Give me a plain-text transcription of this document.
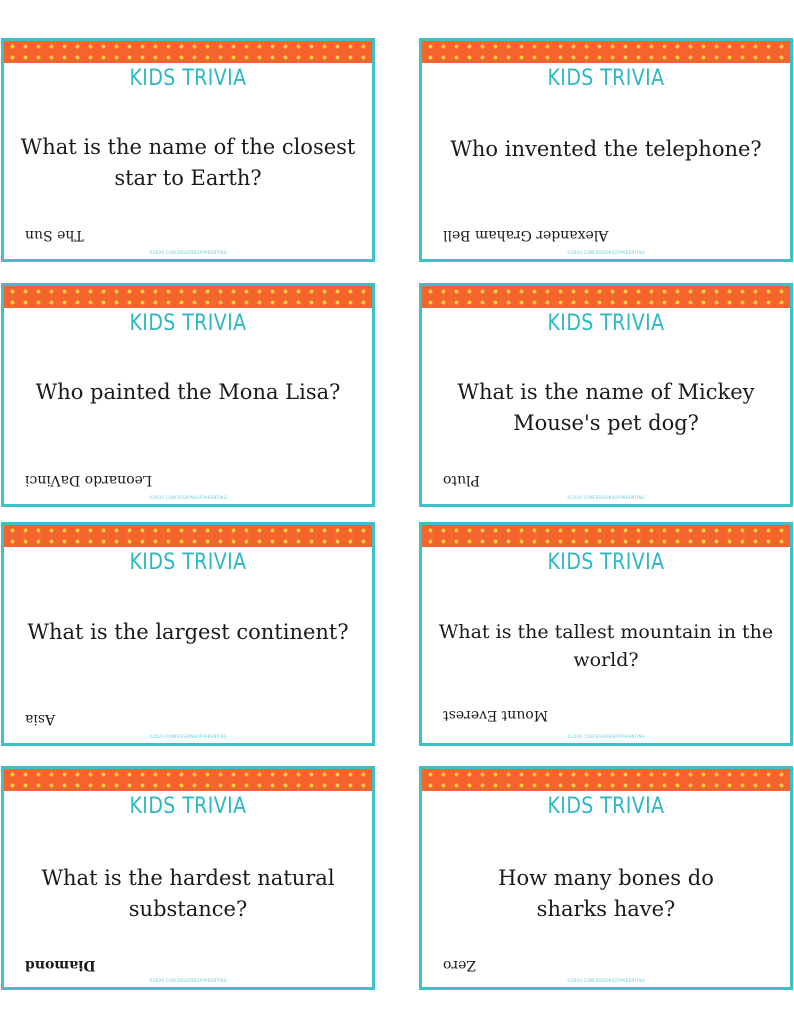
KIDS TRIVIA
What is the name of the closest star to Earth?
The Sun
©2020 CONFESSIONSOFPARENTING
KIDS TRIVIA
Who invented the telephone?
Alexander Graham Bell
©2020 CONFESSIONSOFPARENTING
KIDS TRIVIA
Who painted the Mona Lisa?
Leonardo DaVinci
©2020 CONFESSIONSOFPARENTING
KIDS TRIVIA
What is the name of Mickey Mouse's pet dog?
Pluto
©2020 CONFESSIONSOFPARENTING
KIDS TRIVIA
What is the largest continent?
Asia
©2020 CONFESSIONSOFPARENTING
KIDS TRIVIA
What is the tallest mountain in the world?
Mount Everest
©2020 CONFESSIONSOFPARENTING
KIDS TRIVIA
What is the hardest natural substance?
Diamond
©2020 CONFESSIONSOFPARENTING
KIDS TRIVIA
How many bones do sharks have?
Zero
©2020 CONFESSIONSOFPARENTING
